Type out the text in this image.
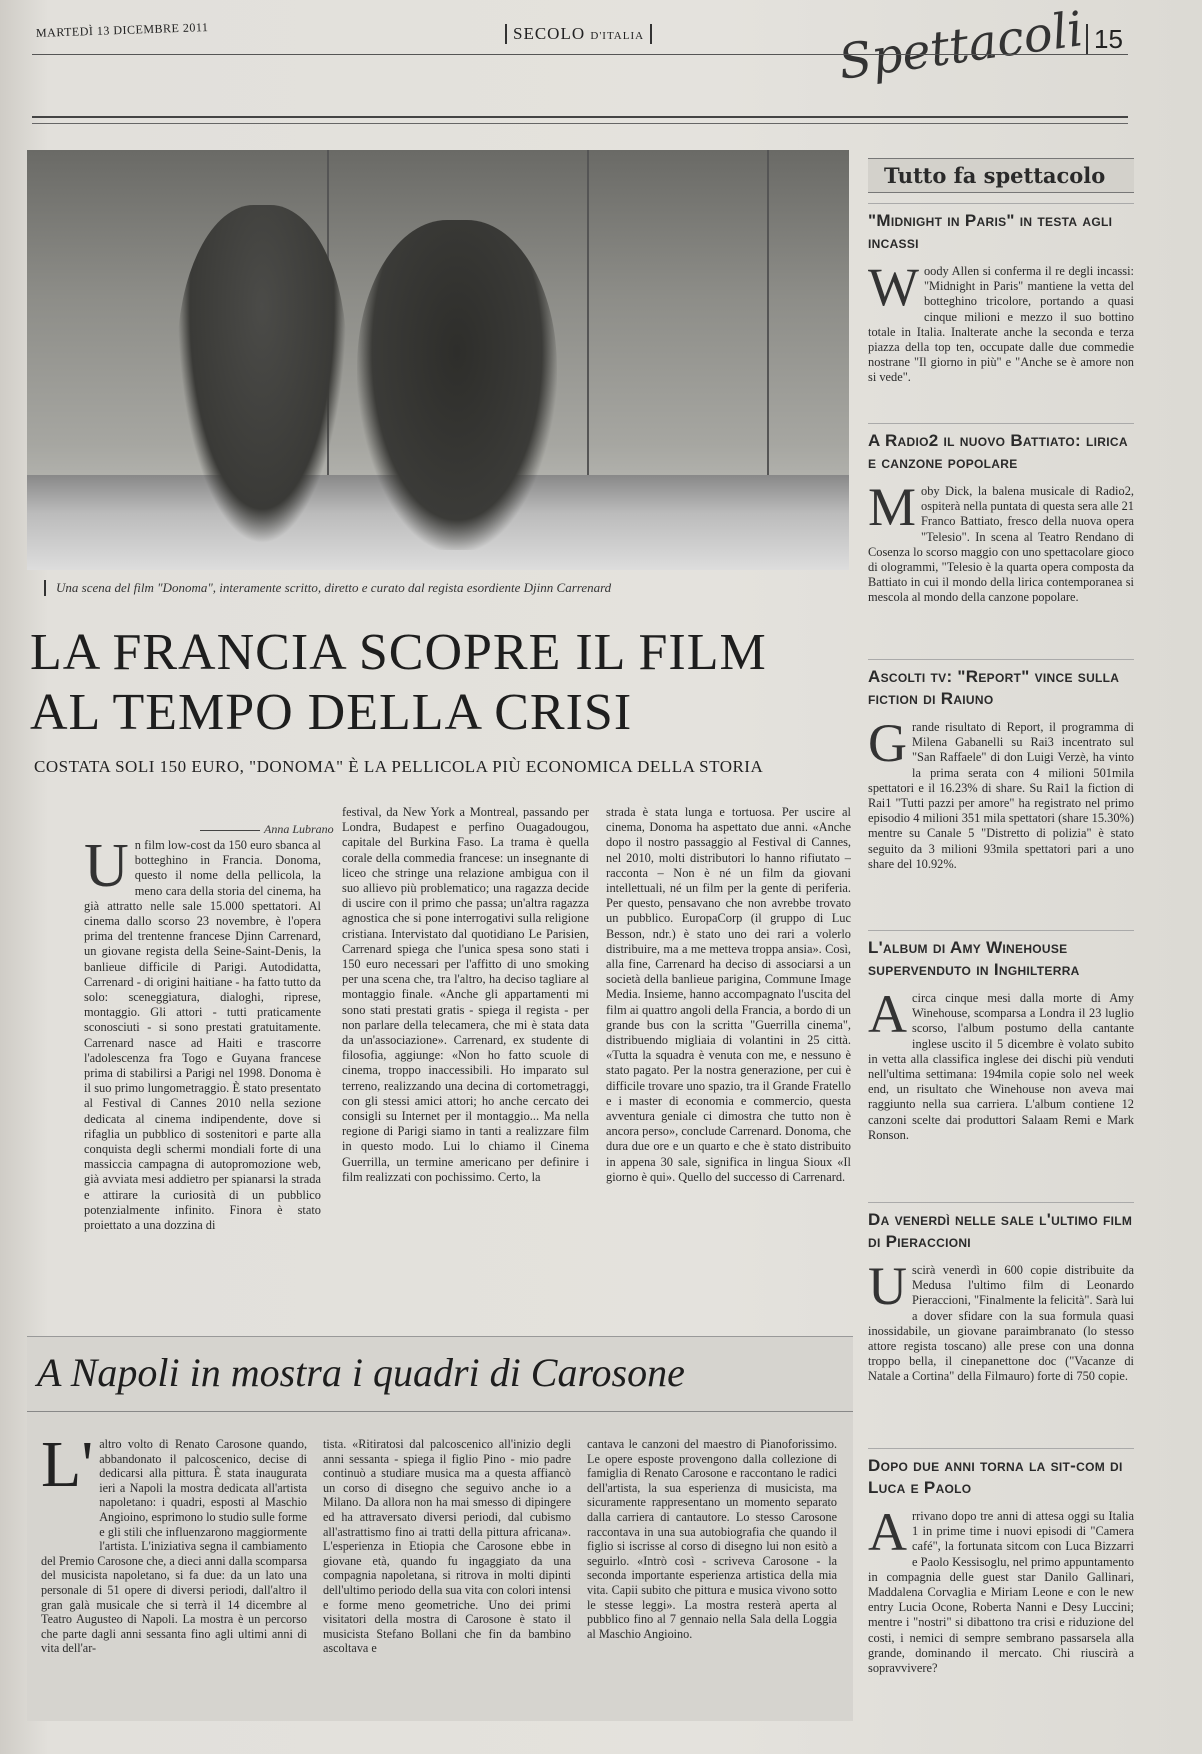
MARTEDÌ 13 DICEMBRE 2011	SECOLO D'ITALIA	Spettacoli 15
Una scena del film "Donoma", interamente scritto, diretto e curato dal regista esordiente Djinn Carrenard
LA FRANCIA SCOPRE IL FILM
AL TEMPO DELLA CRISI
COSTATA SOLI 150 EURO, "DONOMA" È LA PELLICOLA PIÙ ECONOMICA DELLA STORIA
Anna Lubrano
U n film low-cost da 150 euro sbanca al botteghino in Francia. Donoma, questo il nome della pellicola, la meno cara della storia del cinema, ha già attratto nelle sale 15.000 spettatori. Al cinema dallo scorso 23 novembre, è l'opera prima del trentenne francese Djinn Carrenard, un giovane regista della Seine-Saint-Denis, la banlieue difficile di Parigi. Autodidatta, Carrenard - di origini haitiane - ha fatto tutto da solo: sceneggiatura, dialoghi, riprese, montaggio. Gli attori - tutti praticamente sconosciuti - si sono prestati gratuitamente. Carrenard nasce ad Haiti e trascorre l'adolescenza fra Togo e Guyana francese prima di stabilirsi a Parigi nel 1998. Donoma è il suo primo lungometraggio. È stato presentato al Festival di Cannes 2010 nella sezione dedicata al cinema indipendente, dove si rifaglia un pubblico di sostenitori e parte alla conquista degli schermi mondiali forte di una massiccia campagna di autopromozione web, già avviata mesi addietro per spianarsi la strada e attirare la curiosità di un pubblico potenzialmente infinito. Finora è stato proiettato a una dozzina di
festival, da New York a Montreal, passando per Londra, Budapest e perfino Ouagadougou, capitale del Burkina Faso. La trama è quella corale della commedia francese: un insegnante di liceo che stringe una relazione ambigua con il suo allievo più problematico; una ragazza decide di uscire con il primo che passa; un'altra ragazza agnostica che si pone interrogativi sulla religione cristiana. Intervistato dal quotidiano Le Parisien, Carrenard spiega che l'unica spesa sono stati i 150 euro necessari per l'affitto di uno smoking per una scena che, tra l'altro, ha deciso tagliare al montaggio finale. «Anche gli appartamenti mi sono stati prestati gratis - spiega il regista - per non parlare della telecamera, che mi è stata data da un'associazione». Carrenard, ex studente di filosofia, aggiunge: «Non ho fatto scuole di cinema, troppo inaccessibili. Ho imparato sul terreno, realizzando una decina di cortometraggi, con gli stessi amici attori; ho anche cercato dei consigli su Internet per il montaggio... Ma nella regione di Parigi siamo in tanti a realizzare film in questo modo. Lui lo chiamo il Cinema Guerrilla, un termine americano per definire i film realizzati con pochissimo. Certo, la
strada è stata lunga e tortuosa. Per uscire al cinema, Donoma ha aspettato due anni. «Anche dopo il nostro passaggio al Festival di Cannes, nel 2010, molti distributori lo hanno rifiutato – racconta – Non è né un film da giovani intellettuali, né un film per la gente di periferia. Per questo, pensavano che non avrebbe trovato un pubblico. EuropaCorp (il gruppo di Luc Besson, ndr.) è stato uno dei rari a volerlo distribuire, ma a me metteva troppa ansia». Così, alla fine, Carrenard ha deciso di associarsi a un società della banlieue parigina, Commune Image Media. Insieme, hanno accompagnato l'uscita del film ai quattro angoli della Francia, a bordo di un grande bus con la scritta "Guerrilla cinema", distribuendo migliaia di volantini in 25 città. «Tutta la squadra è venuta con me, e nessuno è stato pagato. Per la nostra generazione, per cui è difficile trovare uno spazio, tra il Grande Fratello e i master di economia e commercio, questa avventura geniale ci dimostra che tutto non è ancora perso», conclude Carrenard. Donoma, che dura due ore e un quarto e che è stato distribuito in appena 30 sale, significa in lingua Sioux «Il giorno è qui». Quello del successo di Carrenard.
A Napoli in mostra i quadri di Carosone
L' altro volto di Renato Carosone quando, abbandonato il palcoscenico, decise di dedicarsi alla pittura. È stata inaugurata ieri a Napoli la mostra dedicata all'artista napoletano: i quadri, esposti al Maschio Angioino, esprimono lo studio sulle forme e gli stili che influenzarono maggiormente l'artista. L'iniziativa segna il cambiamento del Premio Carosone che, a dieci anni dalla scomparsa del musicista napoletano, si fa due: da un lato una personale di 51 opere di diversi periodi, dall'altro il gran galà musicale che si terrà il 14 dicembre al Teatro Augusteo di Napoli. La mostra è un percorso che parte dagli anni sessanta fino agli ultimi anni di vita dell'ar-
tista. «Ritiratosi dal palcoscenico all'inizio degli anni sessanta - spiega il figlio Pino - mio padre continuò a studiare musica ma a questa affiancò un corso di disegno che seguivo anche io a Milano. Da allora non ha mai smesso di dipingere ed ha attraversato diversi periodi, dal cubismo all'astrattismo fino ai tratti della pittura africana». L'esperienza in Etiopia che Carosone ebbe in giovane età, quando fu ingaggiato da una compagnia napoletana, si ritrova in molti dipinti dell'ultimo periodo della sua vita con colori intensi e forme meno geometriche. Uno dei primi visitatori della mostra di Carosone è stato il musicista Stefano Bollani che fin da bambino ascoltava e
cantava le canzoni del maestro di Pianoforissimo. Le opere esposte provengono dalla collezione di famiglia di Renato Carosone e raccontano le radici dell'artista, la sua esperienza di musicista, ma sicuramente rappresentano un momento separato dalla carriera di cantautore. Lo stesso Carosone raccontava in una sua autobiografia che quando il figlio si iscrisse al corso di disegno lui non esitò a seguirlo. «Intrò così - scriveva Carosone - la seconda importante esperienza artistica della mia vita. Capii subito che pittura e musica vivono sotto le stesse leggi». La mostra resterà aperta al pubblico fino al 7 gennaio nella Sala della Loggia al Maschio Angioino.
Tutto fa spettacolo
"Midnight in Paris" in testa agli incassi
W oody Allen si conferma il re degli incassi: "Midnight in Paris" mantiene la vetta del botteghino tricolore, portando a quasi cinque milioni e mezzo il suo bottino totale in Italia. Inalterate anche la seconda e terza piazza della top ten, occupate dalle due commedie nostrane "Il giorno in più" e "Anche se è amore non si vede".
A Radio2 il nuovo Battiato: lirica e canzone popolare
M oby Dick, la balena musicale di Radio2, ospiterà nella puntata di questa sera alle 21 Franco Battiato, fresco della nuova opera "Telesio". In scena al Teatro Rendano di Cosenza lo scorso maggio con uno spettacolare gioco di ologrammi, "Telesio è la quarta opera composta da Battiato in cui il mondo della lirica contemporanea si mescola al mondo della canzone popolare.
Ascolti tv: "Report" vince sulla fiction di Raiuno
G rande risultato di Report, il programma di Milena Gabanelli su Rai3 incentrato sul "San Raffaele" di don Luigi Verzè, ha vinto la prima serata con 4 milioni 501mila spettatori e il 16.23% di share. Su Rai1 la fiction di Rai1 "Tutti pazzi per amore" ha registrato nel primo episodio 4 milioni 351 mila spettatori (share 15.30%) mentre su Canale 5 "Distretto di polizia" è stato seguito da 3 milioni 93mila spettatori pari a uno share del 10.92%.
L'album di Amy Winehouse supervenduto in Inghilterra
A circa cinque mesi dalla morte di Amy Winehouse, scomparsa a Londra il 23 luglio scorso, l'album postumo della cantante inglese uscito il 5 dicembre è volato subito in vetta alla classifica inglese dei dischi più venduti nell'ultima settimana: 194mila copie solo nel week end, un risultato che Winehouse non aveva mai raggiunto nella sua carriera. L'album contiene 12 canzoni scelte dai produttori Salaam Remi e Mark Ronson.
Da venerdì nelle sale l'ultimo film di Pieraccioni
U scirà venerdì in 600 copie distribuite da Medusa l'ultimo film di Leonardo Pieraccioni, "Finalmente la felicità". Sarà lui a dover sfidare con la sua formula quasi inossidabile, un giovane paraimbranato (lo stesso attore regista toscano) alle prese con una donna troppo bella, il cinepanettone doc ("Vacanze di Natale a Cortina" della Filmauro) forte di 750 copie.
Dopo due anni torna la sit-com di Luca e Paolo
A rrivano dopo tre anni di attesa oggi su Italia 1 in prime time i nuovi episodi di "Camera café", la fortunata sitcom con Luca Bizzarri e Paolo Kessisoglu, nel primo appuntamento in compagnia delle guest star Danilo Gallinari, Maddalena Corvaglia e Miriam Leone e con le new entry Lucia Ocone, Roberta Nanni e Desy Luccini; mentre i "nostri" si dibattono tra crisi e riduzione del costi, i nemici di sempre sembrano passarsela alla grande, dominando il mercato. Chi riuscirà a sopravvivere?
